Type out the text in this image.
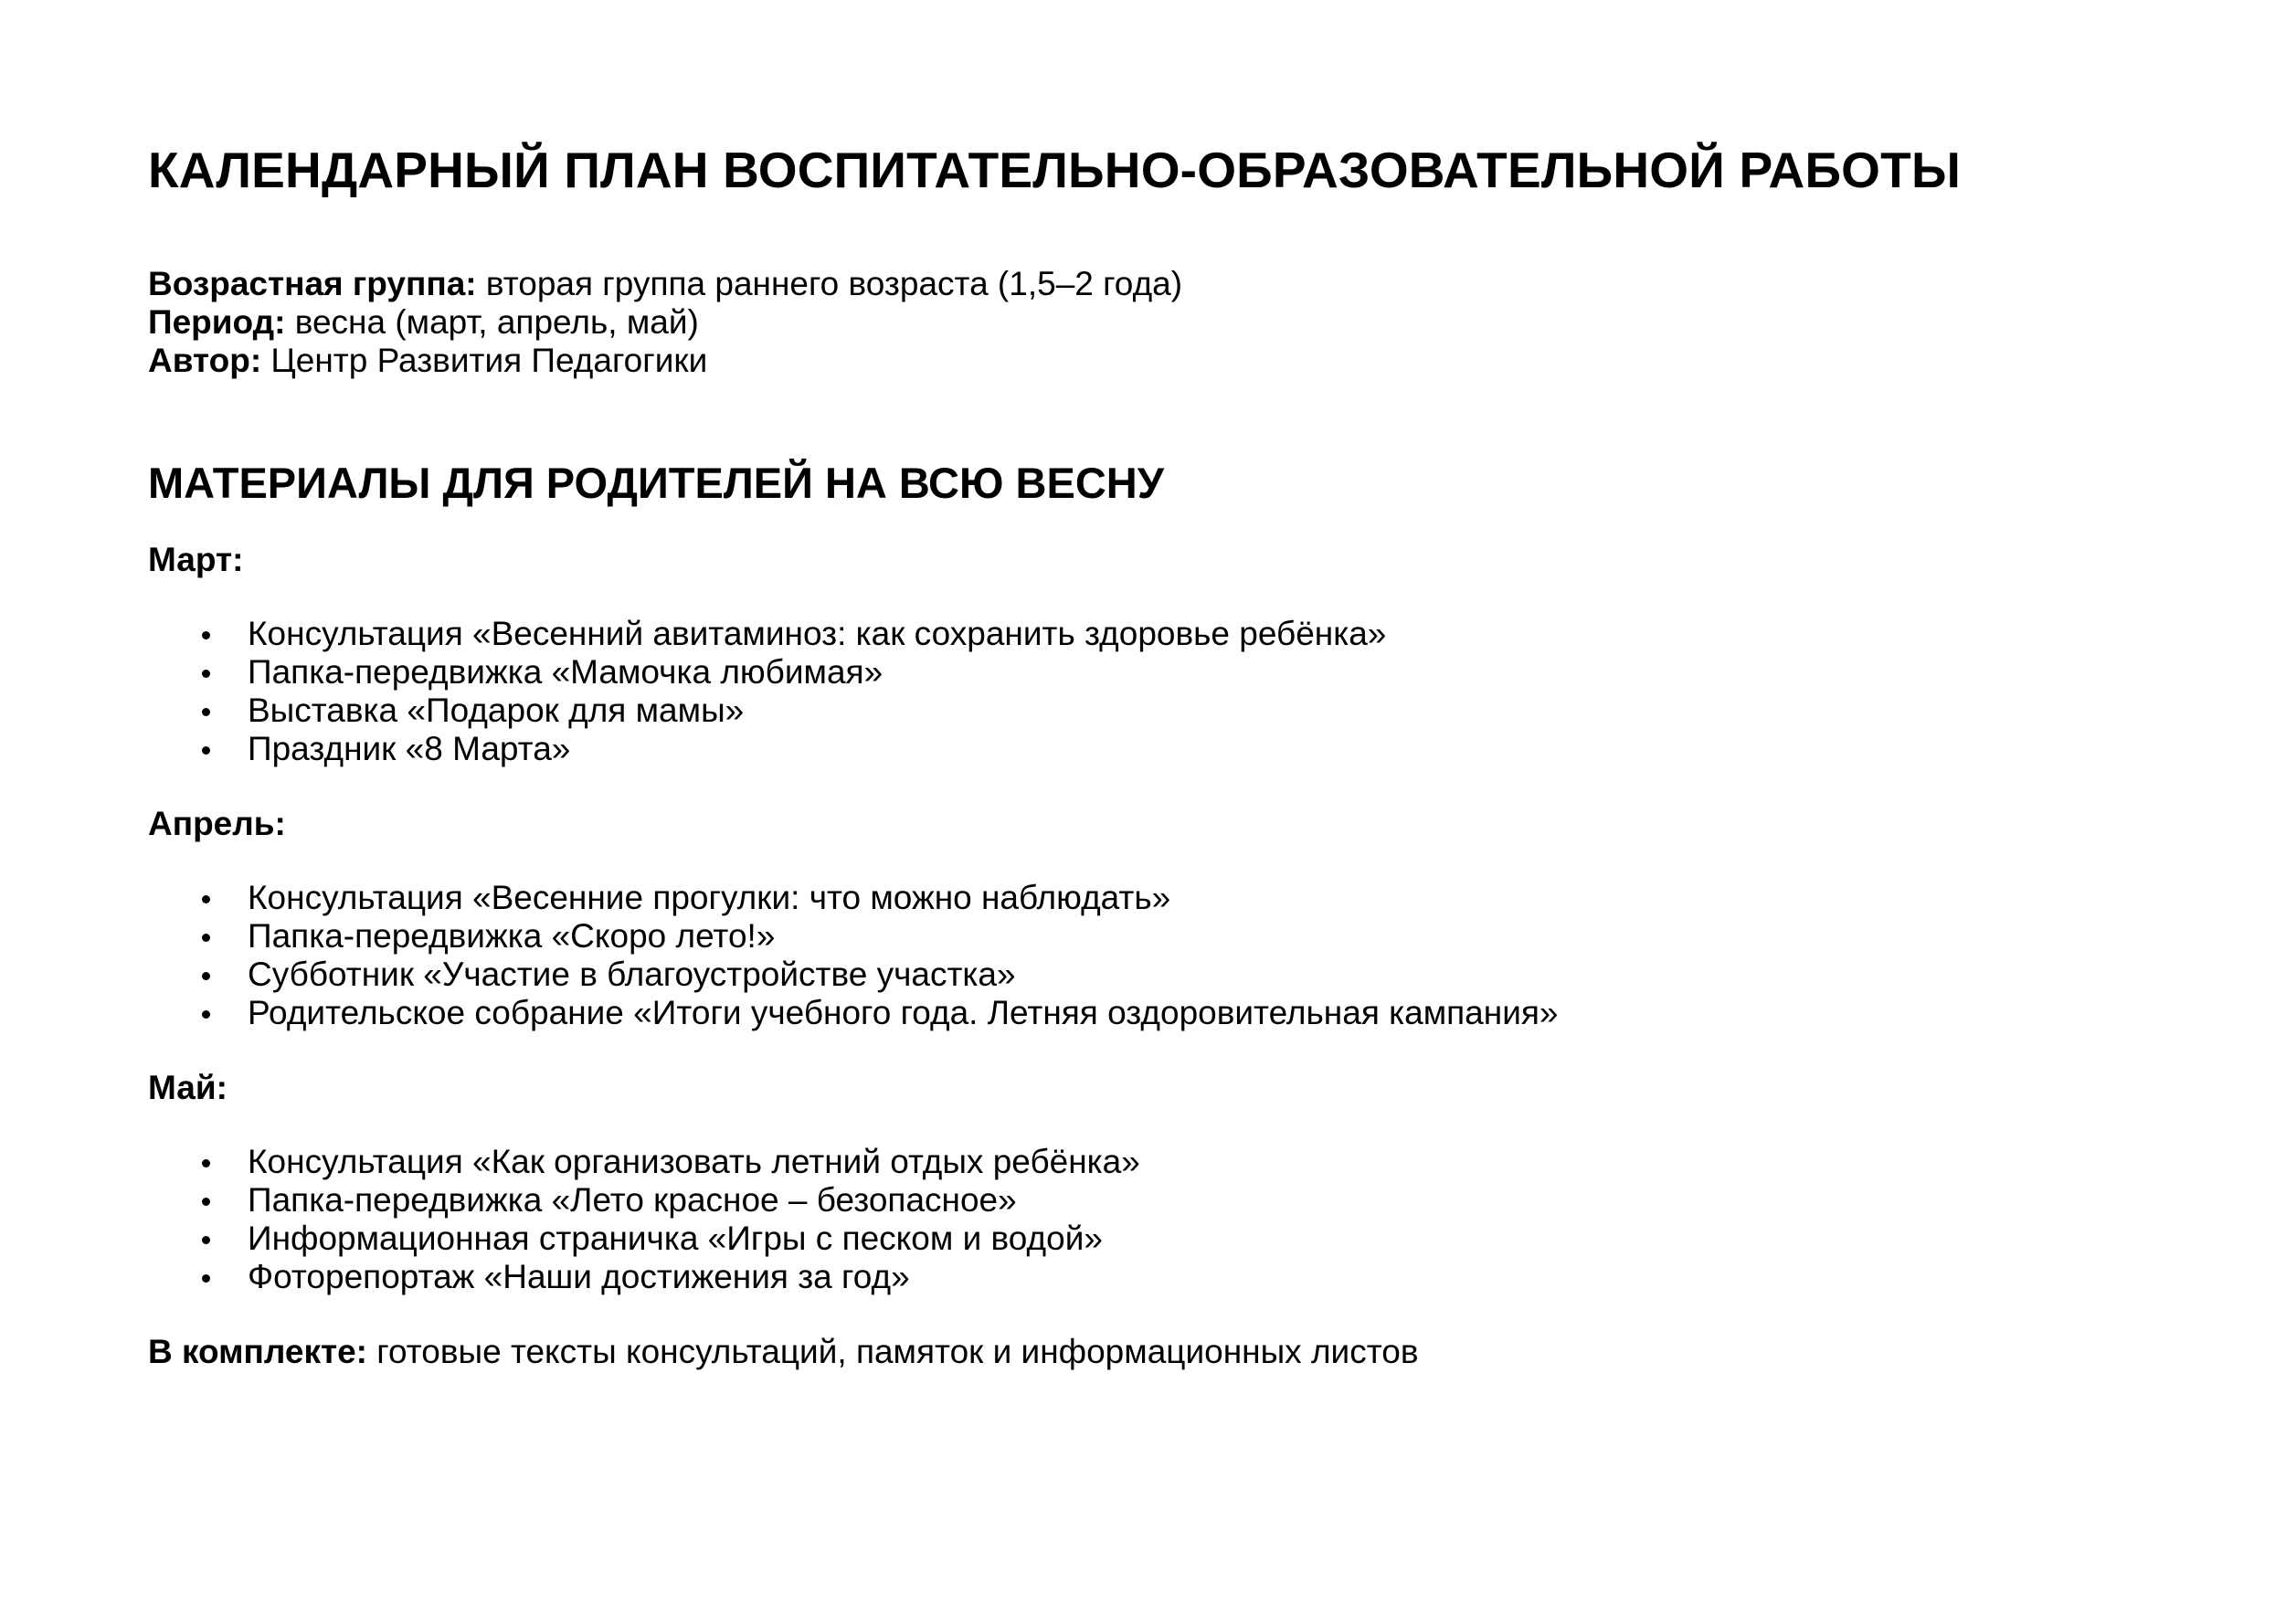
КАЛЕНДАРНЫЙ ПЛАН ВОСПИТАТЕЛЬНО-ОБРАЗОВАТЕЛЬНОЙ РАБОТЫ
Возрастная группа: вторая группа раннего возраста (1,5–2 года)
Период: весна (март, апрель, май)
Автор: Центр Развития Педагогики
МАТЕРИАЛЫ ДЛЯ РОДИТЕЛЕЙ НА ВСЮ ВЕСНУ
Март:
Консультация «Весенний авитаминоз: как сохранить здоровье ребёнка»
Папка-передвижка «Мамочка любимая»
Выставка «Подарок для мамы»
Праздник «8 Марта»
Апрель:
Консультация «Весенние прогулки: что можно наблюдать»
Папка-передвижка «Скоро лето!»
Субботник «Участие в благоустройстве участка»
Родительское собрание «Итоги учебного года. Летняя оздоровительная кампания»
Май:
Консультация «Как организовать летний отдых ребёнка»
Папка-передвижка «Лето красное – безопасное»
Информационная страничка «Игры с песком и водой»
Фоторепортаж «Наши достижения за год»
В комплекте: готовые тексты консультаций, памяток и информационных листов
